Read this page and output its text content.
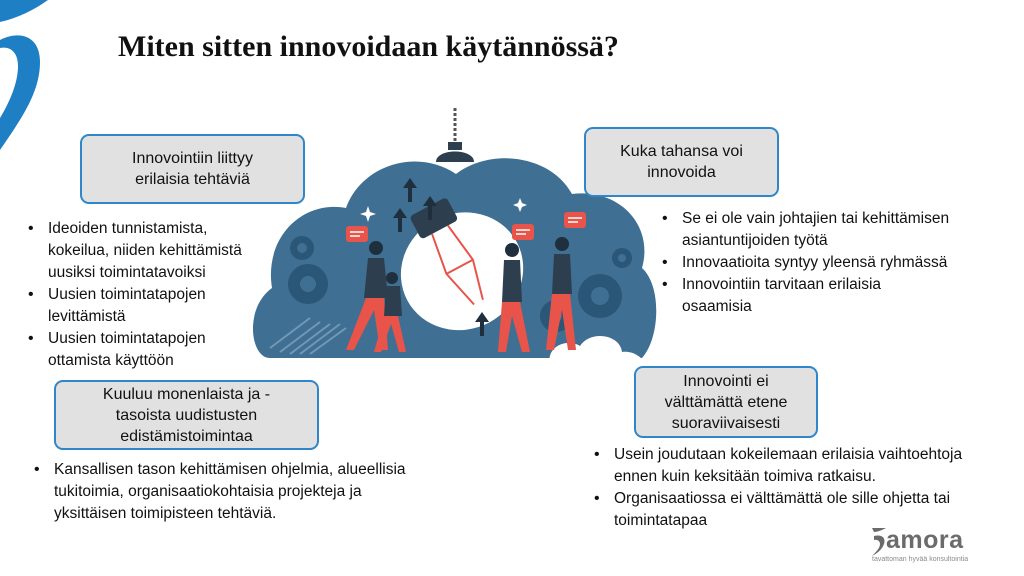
Miten sitten innovoidaan käytännössä?
Innovointiin liittyy
erilaisia tehtäviä
Kuka tahansa voi
innovoida
• Ideoiden tunnistamista,
kokeilua, niiden kehittämistä
uusiksi toimintatavoiksi
• Uusien toimintatapojen
levittämistä
• Uusien toimintatapojen
ottamista käyttöön
• Se ei ole vain johtajien tai kehittämisen
asiantuntijoiden työtä
• Innovaatioita syntyy yleensä ryhmässä
• Innovointiin tarvitaan erilaisia
osaamisia
Kuuluu monenlaista ja -
tasoista uudistusten
edistämistoimintaa
Innovointi ei
välttämättä etene
suoraviivaisesti
• Kansallisen tason kehittämisen ohjelmia, alueellisia
tukitoimia, organisaatiokohtaisia projekteja ja
yksittäisen toimipisteen tehtäviä.
• Usein joudutaan kokeilemaan erilaisia vaihtoehtoja
ennen kuin keksitään toimiva ratkaisu.
• Organisaatiossa ei välttämättä ole sille ohjetta tai
toimintatapaa
amora
tavattoman hyvää konsultointia
